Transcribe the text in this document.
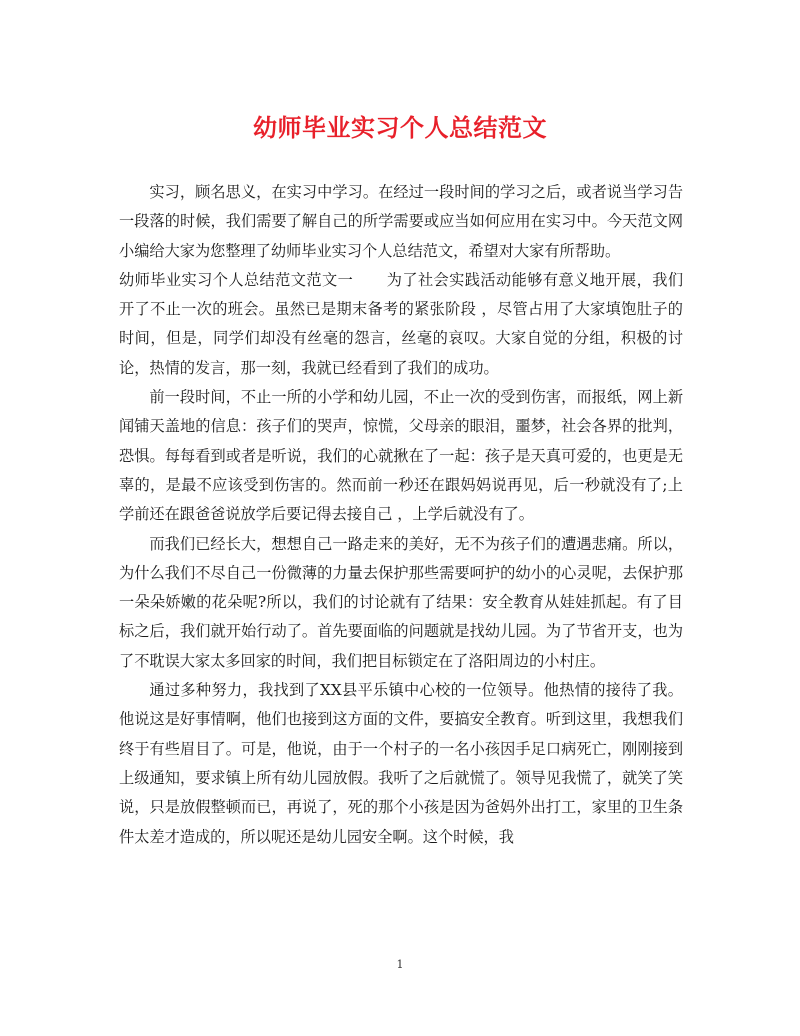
幼师毕业实习个人总结范文

实习，顾名思义，在实习中学习。在经过一段时间的学习之后，或者说当学习告一段落的时候，我们需要了解自己的所学需要或应当如何应用在实习中。今天范文网小编给大家为您整理了幼师毕业实习个人总结范文，希望对大家有所帮助。

幼师毕业实习个人总结范文范文一 为了社会实践活动能够有意义地开展，我们开了不止一次的班会。虽然已是期末备考的紧张阶段 ，尽管占用了大家填饱肚子的时间，但是，同学们却没有丝毫的怨言，丝毫的哀叹。大家自觉的分组，积极的讨论，热情的发言，那一刻，我就已经看到了我们的成功。

前一段时间，不止一所的小学和幼儿园，不止一次的受到伤害，而报纸，网上新闻铺天盖地的信息：孩子们的哭声，惊慌，父母亲的眼泪，噩梦，社会各界的批判，恐惧。每每看到或者是听说，我们的心就揪在了一起：孩子是天真可爱的，也更是无辜的，是最不应该受到伤害的。然而前一秒还在跟妈妈说再见，后一秒就没有了;上学前还在跟爸爸说放学后要记得去接自己 ，上学后就没有了。

而我们已经长大，想想自己一路走来的美好，无不为孩子们的遭遇悲痛。所以，为什么我们不尽自己一份微薄的力量去保护那些需要呵护的幼小的心灵呢，去保护那一朵朵娇嫩的花朵呢?所以，我们的讨论就有了结果：安全教育从娃娃抓起。有了目标之后，我们就开始行动了。首先要面临的问题就是找幼儿园。为了节省开支，也为了不耽误大家太多回家的时间，我们把目标锁定在了洛阳周边的小村庄。

通过多种努力，我找到了XX县平乐镇中心校的一位领导。他热情的接待了我。他说这是好事情啊，他们也接到这方面的文件，要搞安全教育。听到这里，我想我们终于有些眉目了。可是，他说，由于一个村子的一名小孩因手足口病死亡，刚刚接到上级通知，要求镇上所有幼儿园放假。我听了之后就慌了。领导见我慌了，就笑了笑说，只是放假整顿而已，再说了，死的那个小孩是因为爸妈外出打工，家里的卫生条件太差才造成的，所以呢还是幼儿园安全啊。这个时候，我

1
